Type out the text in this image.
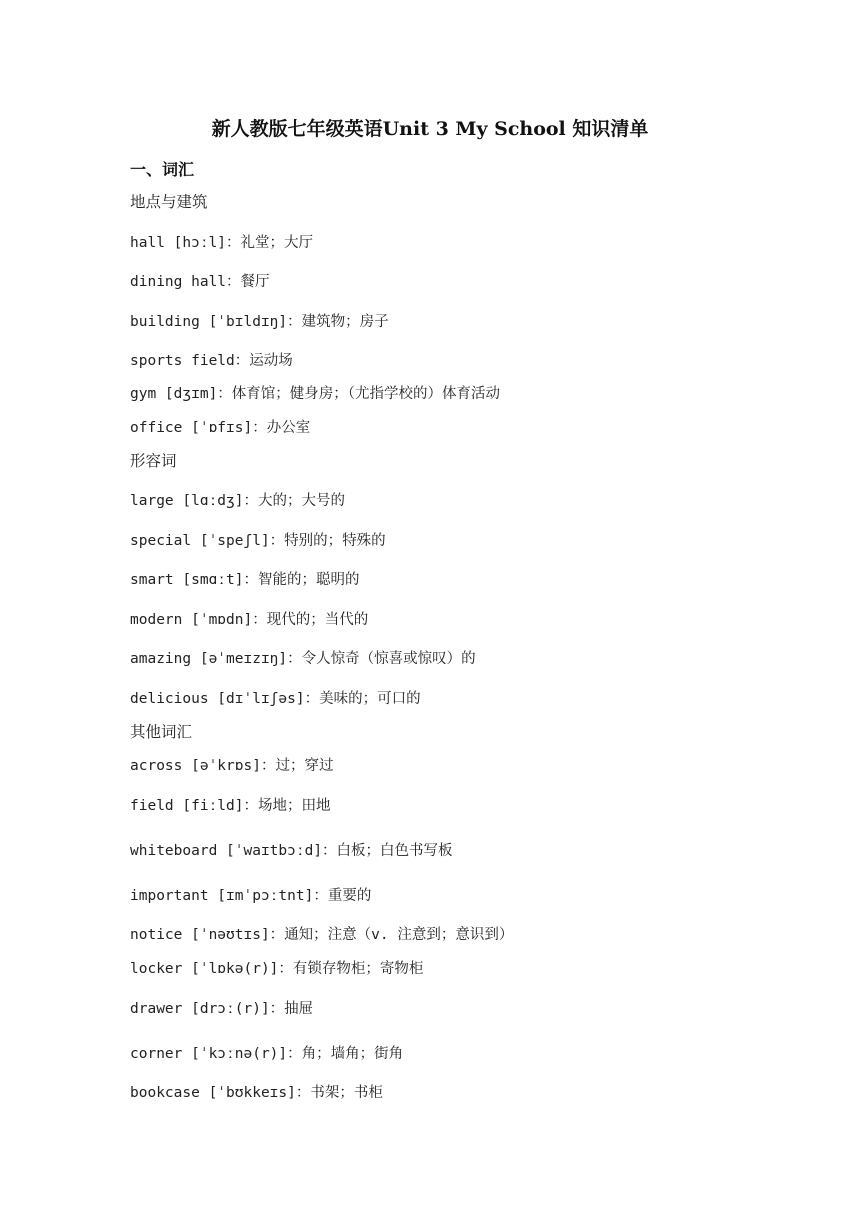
新人教版七年级英语Unit 3 My School 知识清单
一、词汇
地点与建筑
hall [hɔːl]：礼堂；大厅
dining hall：餐厅
building [ˈbɪldɪŋ]：建筑物；房子
sports field：运动场
gym [dʒɪm]：体育馆；健身房；（尤指学校的）体育活动
office [ˈɒfɪs]：办公室
形容词
large [lɑːdʒ]：大的；大号的
special [ˈspeʃl]：特别的；特殊的
smart [smɑːt]：智能的；聪明的
modern [ˈmɒdn]：现代的；当代的
amazing [əˈmeɪzɪŋ]：令人惊奇（惊喜或惊叹）的
delicious [dɪˈlɪʃəs]：美味的；可口的
其他词汇
across [əˈkrɒs]：过；穿过
field [fiːld]：场地；田地
whiteboard [ˈwaɪtbɔːd]：白板；白色书写板
important [ɪmˈpɔːtnt]：重要的
notice [ˈnəʊtɪs]：通知；注意（v. 注意到；意识到）
locker [ˈlɒkə(r)]：有锁存物柜；寄物柜
drawer [drɔː(r)]：抽屉
corner [ˈkɔːnə(r)]：角；墙角；街角
bookcase [ˈbʊkkeɪs]：书架；书柜
